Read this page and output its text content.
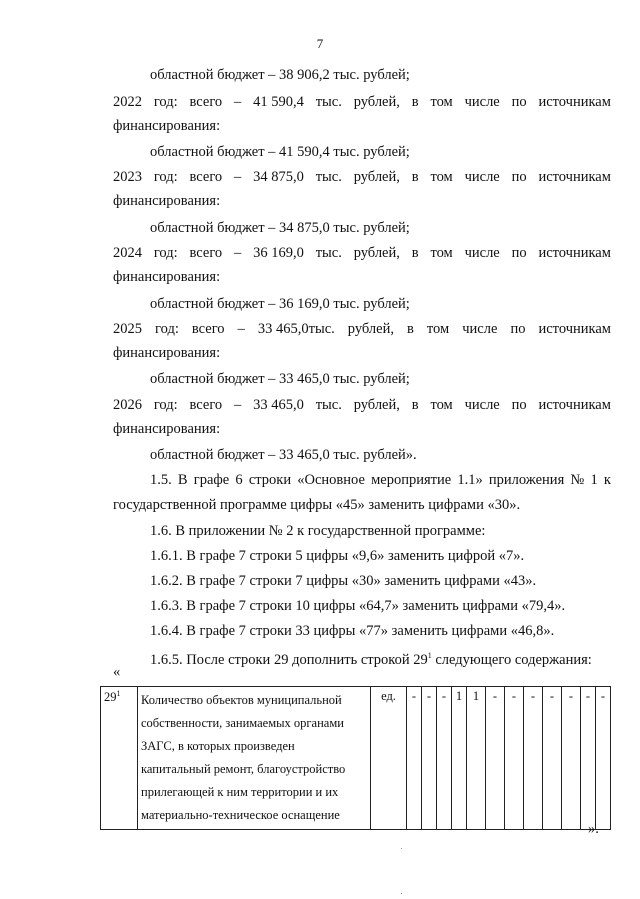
7
областной бюджет – 38 906,2 тыс. рублей;
2022 год: всего – 41 590,4 тыс. рублей, в том числе по источникам
финансирования:
областной бюджет – 41 590,4 тыс. рублей;
2023 год: всего – 34 875,0 тыс. рублей, в том числе по источникам
финансирования:
областной бюджет – 34 875,0 тыс. рублей;
2024 год: всего – 36 169,0 тыс. рублей, в том числе по источникам
финансирования:
областной бюджет – 36 169,0 тыс. рублей;
2025 год: всего – 33 465,0тыс. рублей, в том числе по источникам
финансирования:
областной бюджет – 33 465,0 тыс. рублей;
2026 год: всего – 33 465,0 тыс. рублей, в том числе по источникам
финансирования:
областной бюджет – 33 465,0 тыс. рублей».
1.5. В графе 6 строки «Основное мероприятие 1.1» приложения № 1 к
государственной программе цифры «45» заменить цифрами «30».
1.6. В приложении № 2 к государственной программе:
1.6.1. В графе 7 строки 5 цифры «9,6» заменить цифрой «7».
1.6.2. В графе 7 строки 7 цифры «30» заменить цифрами «43».
1.6.3. В графе 7 строки 10 цифры «64,7» заменить цифрами «79,4».
1.6.4. В графе 7 строки 33 цифры «77» заменить цифрами «46,8».
1.6.5. После строки 29 дополнить строкой $29^1$ следующего содержания:
«
$29^1$	Количество объектов муниципальной собственности, занимаемых органами ЗАГС, в которых произведен капитальный ремонт, благоустройство прилегающей к ним территории и их материально-техническое оснащение	ед.	-	-	-	1	1	-	-	-	-	-	-	-
».
